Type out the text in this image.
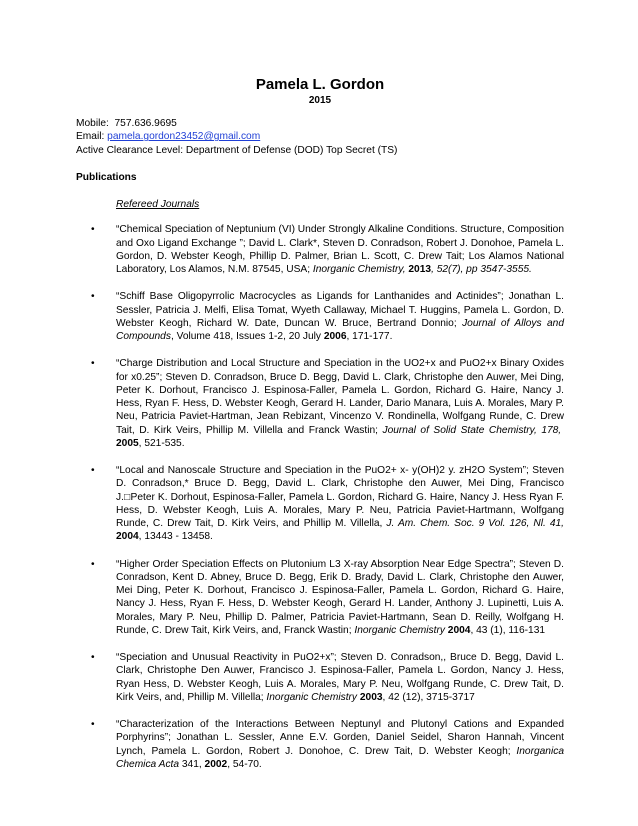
Pamela L. Gordon

2015

Mobile: 757.636.9695
Email: pamela.gordon23452@gmail.com
Active Clearance Level: Department of Defense (DOD) Top Secret (TS)
Publications
Refereed Journals
• “Chemical Speciation of Neptunium (VI) Under Strongly Alkaline Conditions. Structure, Composition and Oxo Ligand Exchange ”; David L. Clark*, Steven D. Conradson, Robert J. Donohoe, Pamela L. Gordon, D. Webster Keogh, Phillip D. Palmer, Brian L. Scott, C. Drew Tait; Los Alamos National Laboratory, Los Alamos, N.M. 87545, USA; Inorganic Chemistry, 2013, 52(7), pp 3547-3555.
• “Schiff Base Oligopyrrolic Macrocycles as Ligands for Lanthanides and Actinides”; Jonathan L. Sessler, Patricia J. Melfi, Elisa Tomat, Wyeth Callaway, Michael T. Huggins, Pamela L. Gordon, D. Webster Keogh, Richard W. Date, Duncan W. Bruce, Bertrand Donnio; Journal of Alloys and Compounds, Volume 418, Issues 1-2, 20 July 2006, 171-177.
• “Charge Distribution and Local Structure and Speciation in the UO2+x and PuO2+x Binary Oxides for x0.25”; Steven D. Conradson, Bruce D. Begg, David L. Clark, Christophe den Auwer, Mei Ding, Peter K. Dorhout, Francisco J. Espinosa-Faller, Pamela L. Gordon, Richard G. Haire, Nancy J. Hess, Ryan F. Hess, D. Webster Keogh, Gerard H. Lander, Dario Manara, Luis A. Morales, Mary P. Neu, Patricia Paviet-Hartman, Jean Rebizant, Vincenzo V. Rondinella, Wolfgang Runde, C. Drew Tait, D. Kirk Veirs, Phillip M. Villella and Franck Wastin; Journal of Solid State Chemistry, 178,  2005, 521-535.
• “Local and Nanoscale Structure and Speciation in the PuO2+ x- y(OH)2 y. zH2O System”; Steven D. Conradson,* Bruce D. Begg, David L. Clark, Christophe den Auwer, Mei Ding, Francisco J.□Peter K. Dorhout, Espinosa-Faller, Pamela L. Gordon, Richard G. Haire, Nancy J. Hess Ryan F. Hess, D. Webster Keogh, Luis A. Morales, Mary P. Neu, Patricia Paviet-Hartmann, Wolfgang Runde, C. Drew Tait, D. Kirk Veirs, and Phillip M. Villella, J. Am. Chem. Soc. 9 Vol. 126, Nl. 41, 2004, 13443 - 13458.
• “Higher Order Speciation Effects on Plutonium L3 X-ray Absorption Near Edge Spectra”; Steven D. Conradson, Kent D. Abney, Bruce D. Begg, Erik D. Brady, David L. Clark, Christophe den Auwer, Mei Ding, Peter K. Dorhout, Francisco J. Espinosa-Faller, Pamela L. Gordon, Richard G. Haire, Nancy J. Hess, Ryan F. Hess, D. Webster Keogh, Gerard H. Lander, Anthony J. Lupinetti, Luis A. Morales, Mary P. Neu, Phillip D. Palmer, Patricia Paviet-Hartmann, Sean D. Reilly, Wolfgang H. Runde, C. Drew Tait, Kirk Veirs, and, Franck Wastin; Inorganic Chemistry 2004, 43 (1), 116-131
• “Speciation and Unusual Reactivity in PuO2+x”; Steven D. Conradson,, Bruce D. Begg, David L. Clark, Christophe Den Auwer, Francisco J. Espinosa-Faller, Pamela L. Gordon, Nancy J. Hess, Ryan Hess, D. Webster Keogh, Luis A. Morales, Mary P. Neu, Wolfgang Runde, C. Drew Tait, D. Kirk Veirs, and, Phillip M. Villella; Inorganic Chemistry 2003, 42 (12), 3715-3717
• “Characterization of the Interactions Between Neptunyl and Plutonyl Cations and Expanded Porphyrins”; Jonathan L. Sessler, Anne E.V. Gorden, Daniel Seidel, Sharon Hannah, Vincent Lynch, Pamela L. Gordon, Robert J. Donohoe, C. Drew Tait, D. Webster Keogh; Inorganica Chemica Acta 341, 2002, 54-70.
